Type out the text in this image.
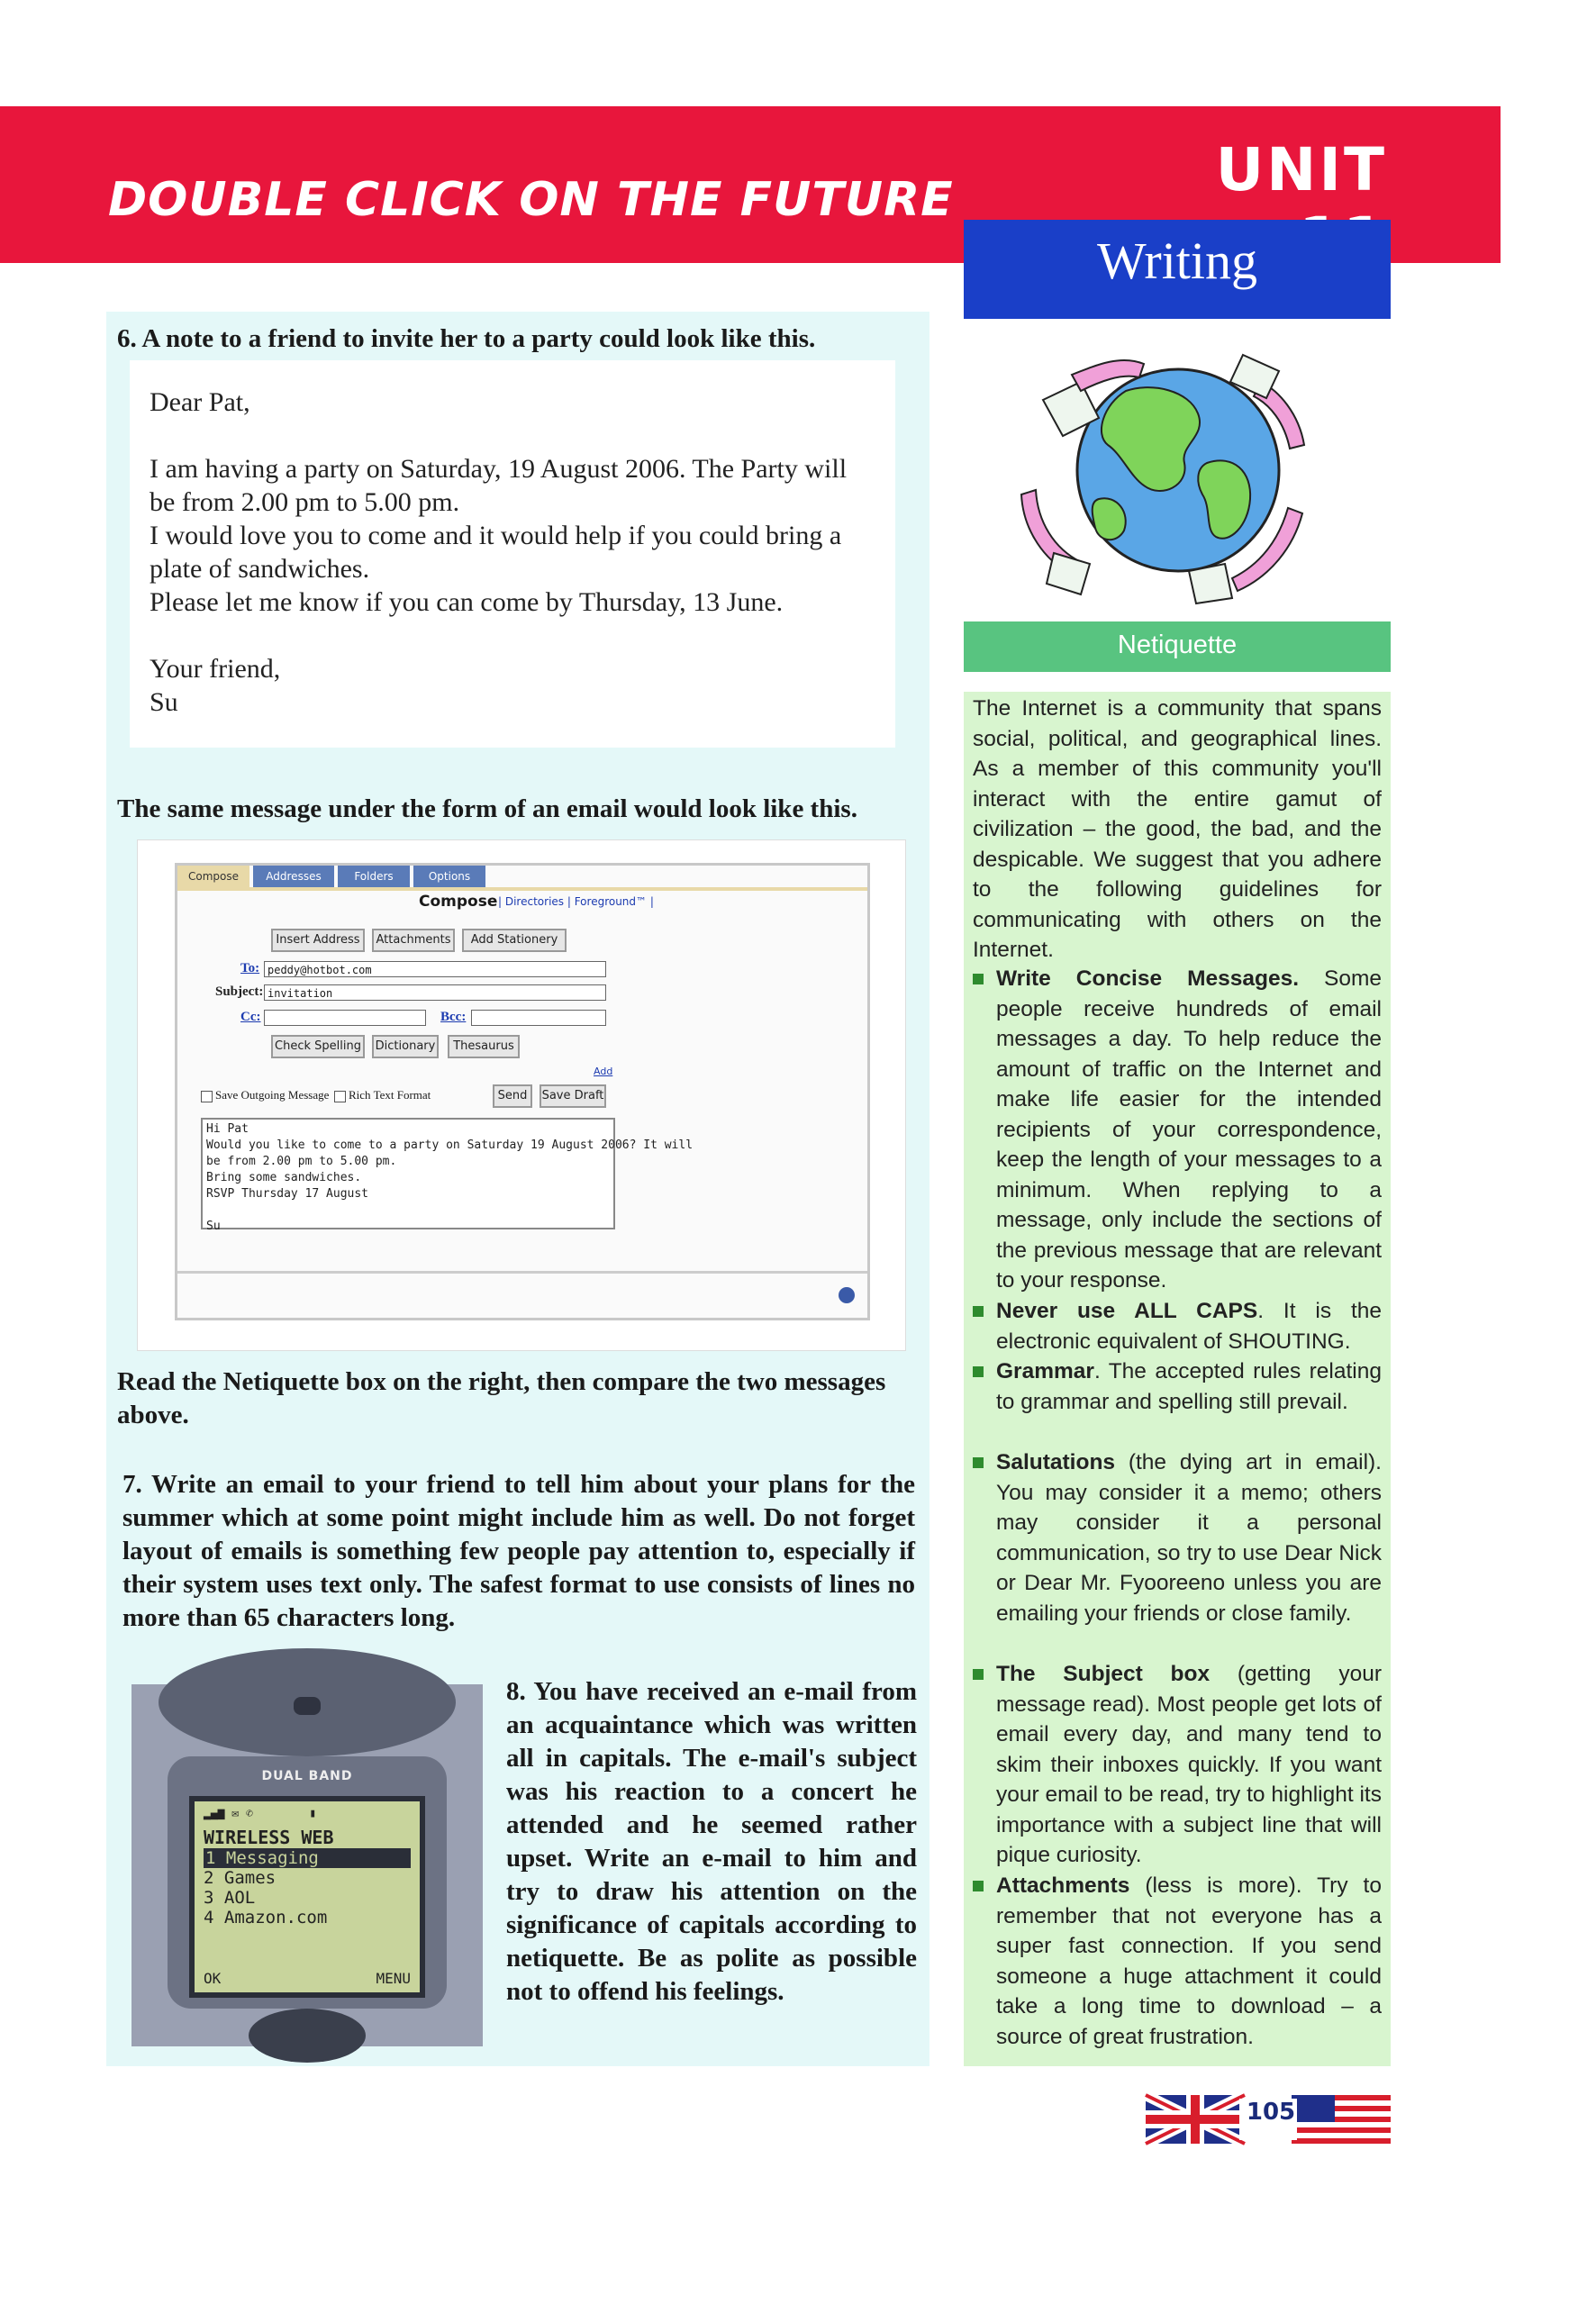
UNIT
DOUBLE CLICK ON THE FUTURE
Writing
6. A note to a friend to invite her to a party could look like this.
Dear Pat,
I am having a party on Saturday, 19 August 2006. The Party will
be from 2.00 pm to 5.00 pm.
I would love you to come and it would help if you could bring a
plate of sandwiches.
Please let me know if you can come by Thursday, 13 June.
Your friend,
Su
The same message under the form of an email would look like this.
Compose	Addresses	Folders	Options
Compose | Directories | Foreground™ |
Insert Address	Attachments	Add Stationery
To: peddy@hotbot.com
Subject: invitation
Cc:	Bcc:
Check Spelling	Dictionary	Thesaurus
Add
Save Outgoing Message Rich Text Format	Send	Save Draft
Hi Pat
Would you like to come to a party on Saturday 19 August 2006? It will
be from 2.00 pm to 5.00 pm.
Bring some sandwiches.
RSVP Thursday 17 August
Su
Read the Netiquette box on the right, then compare the two messages above.
7. Write an email to your friend to tell him about your plans for the summer which at some point might include him as well. Do not forget layout of emails is something few people pay attention to, especially if their system uses text only. The safest format to use consists of lines no more than 65 characters long.
DUAL BAND
▂▄▆ ✉ ✆        ▮
WIRELESS WEB
1 Messaging
2 Games
3 AOL
4 Amazon.com
OK	MENU
8. You have received an e-mail from an acquaintance which was written all in capitals. The e-mail's subject was his reaction to a concert he attended and he seemed rather upset. Write an e-mail to him and try to draw his attention on the significance of capitals according to netiquette. Be as polite as possible not to offend his feelings.
Netiquette
The Internet is a community that spans social, political, and geographical lines. As a member of this community you'll interact with the entire gamut of civilization – the good, the bad, and the despicable. We suggest that you adhere to the following guidelines for communicating with others on the Internet.
Write Concise Messages. Some people receive hundreds of email messages a day. To help reduce the amount of traffic on the Internet and make life easier for the intended recipients of your correspondence, keep the length of your messages to a minimum. When replying to a message, only include the sections of the previous message that are relevant to your response.
Never use ALL CAPS. It is the electronic equivalent of SHOUTING.
Grammar. The accepted rules relating to grammar and spelling still prevail.
Salutations (the dying art in email). You may consider it a memo; others may consider it a personal communication, so try to use Dear Nick or Dear Mr. Fyooreeno unless you are emailing your friends or close family.
The Subject box (getting your message read). Most people get lots of email every day, and many tend to skim their inboxes quickly. If you want your email to be read, try to highlight its importance with a subject line that will pique curiosity.
Attachments (less is more). Try to remember that not everyone has a super fast connection. If you send someone a huge attachment it could take a long time to download – a source of great frustration.
105
